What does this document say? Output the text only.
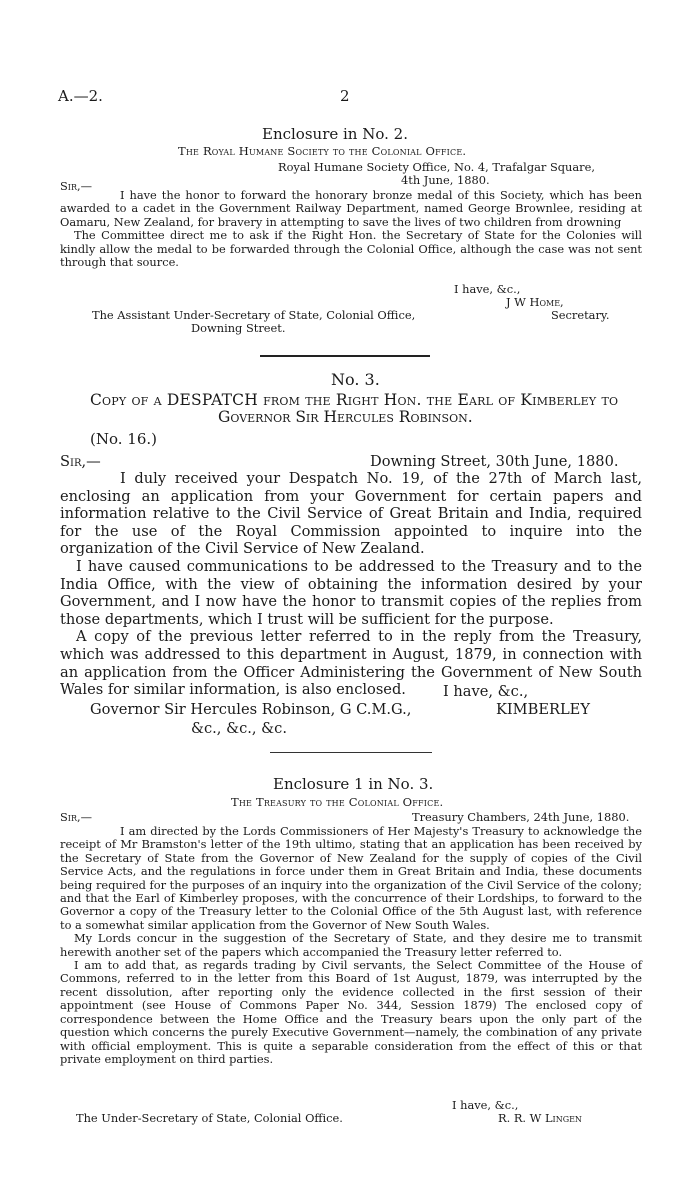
A.—2.	2
Enclosure in No. 2.
The Royal Humane Society to the Colonial Office.
Royal Humane Society Office, No. 4, Trafalgar Square,
4th June, 1880.
Sir,—

I have the honor to forward the honorary bronze medal of this Society, which has been awarded to a cadet in the Government Railway Department, named George Brownlee, residing at Oamaru, New Zealand, for bravery in attempting to save the lives of two children from drowning

The Committee direct me to ask if the Right Hon. the Secretary of State for the Colonies will kindly allow the medal to be forwarded through the Colonial Office, although the case was not sent through that source.

I have, &c.,
J W Home,
The Assistant Under-Secretary of State, Colonial Office,	Secretary.
Downing Street.
No. 3.
Copy of a DESPATCH from the Right Hon. the Earl of Kimberley to
Governor Sir Hercules Robinson.
(No. 16.)
Sir,—	Downing Street, 30th June, 1880.

I duly received your Despatch No. 19, of the 27th of March last, enclosing an application from your Government for certain papers and information relative to the Civil Service of Great Britain and India, required for the use of the Royal Commission appointed to inquire into the organization of the Civil Service of New Zealand.

I have caused communications to be addressed to the Treasury and to the India Office, with the view of obtaining the information desired by your Government, and I now have the honor to transmit copies of the replies from those departments, which I trust will be sufficient for the purpose.

A copy of the previous letter referred to in the reply from the Treasury, which was addressed to this department in August, 1879, in connection with an application from the Officer Administering the Government of New South Wales for similar information, is also enclosed.	I have, &c.,
Governor Sir Hercules Robinson, G C.M.G.,	KIMBERLEY
&c., &c., &c.
Enclosure 1 in No. 3.
The Treasury to the Colonial Office.
Sir,—	Treasury Chambers, 24th June, 1880.

I am directed by the Lords Commissioners of Her Majesty's Treasury to acknowledge the receipt of Mr Bramston's letter of the 19th ultimo, stating that an application has been received by the Secretary of State from the Governor of New Zealand for the supply of copies of the Civil Service Acts, and the regulations in force under them in Great Britain and India, these documents being required for the purposes of an inquiry into the organization of the Civil Service of the colony; and that the Earl of Kimberley proposes, with the concurrence of their Lordships, to forward to the Governor a copy of the Treasury letter to the Colonial Office of the 5th August last, with reference to a somewhat similar application from the Governor of New South Wales.

My Lords concur in the suggestion of the Secretary of State, and they desire me to transmit herewith another set of the papers which accompanied the Treasury letter referred to.

I am to add that, as regards trading by Civil servants, the Select Committee of the House of Commons, referred to in the letter from this Board of 1st August, 1879, was interrupted by the recent dissolution, after reporting only the evidence collected in the first session of their appointment (see House of Commons Paper No. 344, Session 1879) The enclosed copy of correspondence between the Home Office and the Treasury bears upon the only part of the question which concerns the purely Executive Government—namely, the combination of any private with official employment. This is quite a separable consideration from the effect of this or that private employment on third parties.

I have, &c.,
The Under-Secretary of State, Colonial Office.	R. R. W Lingen
